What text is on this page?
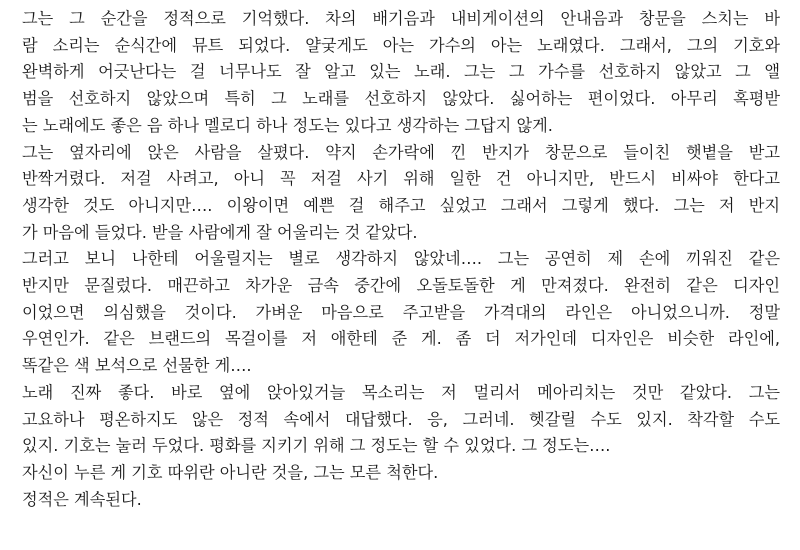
그는 그 순간을 정적으로 기억했다. 차의 배기음과 내비게이션의 안내음과 창문을 스치는 바
람 소리는 순식간에 뮤트 되었다. 얄궂게도 아는 가수의 아는 노래였다. 그래서, 그의 기호와
완벽하게 어긋난다는 걸 너무나도 잘 알고 있는 노래. 그는 그 가수를 선호하지 않았고 그 앨
범을 선호하지 않았으며 특히 그 노래를 선호하지 않았다. 싫어하는 편이었다. 아무리 혹평받
는 노래에도 좋은 음 하나 멜로디 하나 정도는 있다고 생각하는 그답지 않게.

그는 옆자리에 앉은 사람을 살폈다. 약지 손가락에 낀 반지가 창문으로 들이친 햇볕을 받고
반짝거렸다. 저걸 사려고, 아니 꼭 저걸 사기 위해 일한 건 아니지만, 반드시 비싸야 한다고
생각한 것도 아니지만…. 이왕이면 예쁜 걸 해주고 싶었고 그래서 그렇게 했다. 그는 저 반지
가 마음에 들었다. 받을 사람에게 잘 어울리는 것 같았다.

그러고 보니 나한테 어울릴지는 별로 생각하지 않았네…. 그는 공연히 제 손에 끼워진 같은
반지만 문질렀다. 매끈하고 차가운 금속 중간에 오돌토돌한 게 만져졌다. 완전히 같은 디자인
이었으면 의심했을 것이다. 가벼운 마음으로 주고받을 가격대의 라인은 아니었으니까. 정말
우연인가. 같은 브랜드의 목걸이를 저 애한테 준 게. 좀 더 저가인데 디자인은 비슷한 라인에,
똑같은 색 보석으로 선물한 게….

노래 진짜 좋다. 바로 옆에 앉아있거늘 목소리는 저 멀리서 메아리치는 것만 같았다. 그는
고요하나 평온하지도 않은 정적 속에서 대답했다. 응, 그러네. 헷갈릴 수도 있지. 착각할 수도
있지. 기호는 눌러 두었다. 평화를 지키기 위해 그 정도는 할 수 있었다. 그 정도는….

자신이 누른 게 기호 따위란 아니란 것을, 그는 모른 척한다.

정적은 계속된다.
